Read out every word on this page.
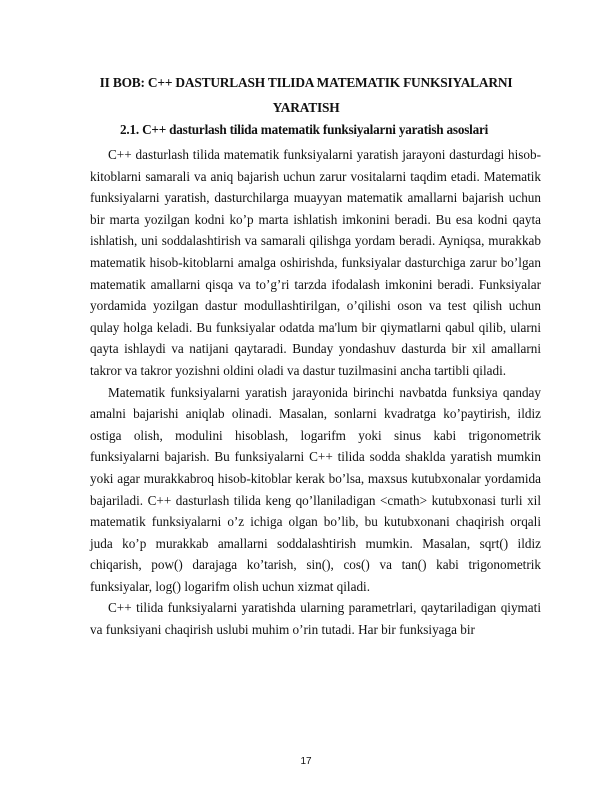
II BOB: C++ DASTURLASH TILIDA MATEMATIK FUNKSIYALARNI
YARATISH
2.1. C++ dasturlash tilida matematik funksiyalarni yaratish asoslari

C++ dasturlash tilida matematik funksiyalarni yaratish jarayoni dasturdagi hisob-kitoblarni samarali va aniq bajarish uchun zarur vositalarni taqdim etadi. Matematik funksiyalarni yaratish, dasturchilarga muayyan matematik amallarni bajarish uchun bir marta yozilgan kodni ko’p marta ishlatish imkonini beradi. Bu esa kodni qayta ishlatish, uni soddalashtirish va samarali qilishga yordam beradi. Ayniqsa, murakkab matematik hisob-kitoblarni amalga oshirishda, funksiyalar dasturchiga zarur bo’lgan matematik amallarni qisqa va to’g’ri tarzda ifodalash imkonini beradi. Funksiyalar yordamida yozilgan dastur modullashtirilgan, o’qilishi oson va test qilish uchun qulay holga keladi. Bu funksiyalar odatda ma'lum bir qiymatlarni qabul qilib, ularni qayta ishlaydi va natijani qaytaradi. Bunday yondashuv dasturda bir xil amallarni takror va takror yozishni oldini oladi va dastur tuzilmasini ancha tartibli qiladi.

Matematik funksiyalarni yaratish jarayonida birinchi navbatda funksiya qanday amalni bajarishi aniqlab olinadi. Masalan, sonlarni kvadratga ko’paytirish, ildiz ostiga olish, modulini hisoblash, logarifm yoki sinus kabi trigonometrik funksiyalarni bajarish. Bu funksiyalarni C++ tilida sodda shaklda yaratish mumkin yoki agar murakkabroq hisob-kitoblar kerak bo’lsa, maxsus kutubxonalar yordamida bajariladi. C++ dasturlash tilida keng qo’llaniladigan <cmath> kutubxonasi turli xil matematik funksiyalarni o’z ichiga olgan bo’lib, bu kutubxonani chaqirish orqali juda ko’p murakkab amallarni soddalashtirish mumkin. Masalan, sqrt() ildiz chiqarish, pow() darajaga ko’tarish, sin(), cos() va tan() kabi trigonometrik funksiyalar, log() logarifm olish uchun xizmat qiladi.

C++ tilida funksiyalarni yaratishda ularning parametrlari, qaytariladigan qiymati va funksiyani chaqirish uslubi muhim o’rin tutadi. Har bir funksiyaga bir

17
